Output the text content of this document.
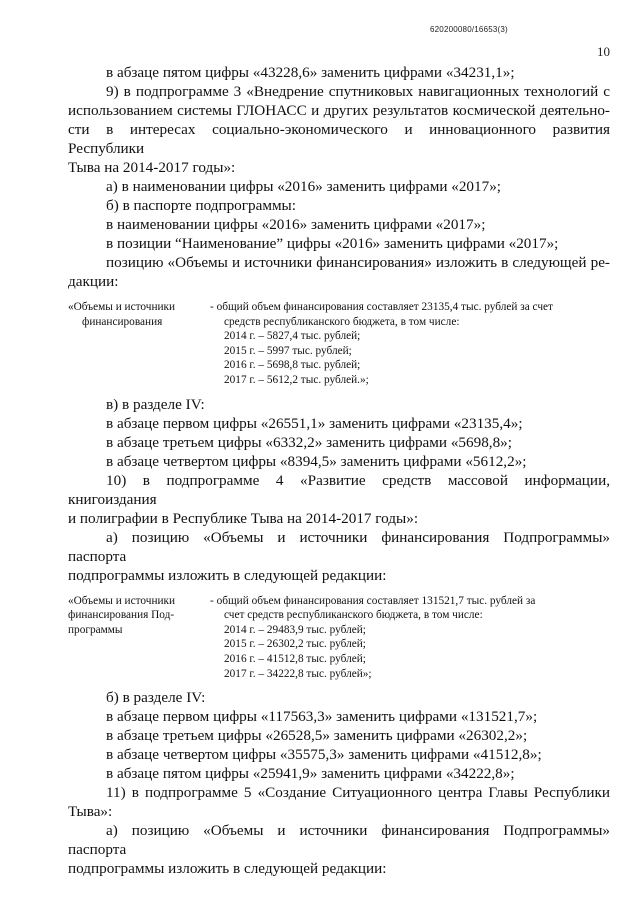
620200080/16653(3)
10

в абзаце пятом цифры «43228,6» заменить цифрами «34231,1»;

9) в подпрограмме 3 «Внедрение спутниковых навигационных технологий с

использованием системы ГЛОНАСС и других результатов космической деятельно-

сти в интересах социально-экономического и инновационного развития Республики

Тыва на 2014-2017 годы»:

а) в наименовании цифры «2016» заменить цифрами «2017»;

б) в паспорте подпрограммы:

в наименовании цифры «2016» заменить цифрами «2017»;

в позиции “Наименование” цифры «2016» заменить цифрами «2017»;

позицию «Объемы и источники финансирования» изложить в следующей ре-

дакции:

«Объемы и источники
финансирования
- общий объем финансирования составляет 23135,4 тыс. рублей за счет
средств республиканского бюджета, в том числе:
2014 г. – 5827,4 тыс. рублей;
2015 г. – 5997 тыс. рублей;
2016 г. – 5698,8 тыс. рублей;
2017 г. – 5612,2 тыс. рублей.»;

в) в разделе IV:

в абзаце первом цифры «26551,1» заменить цифрами «23135,4»;

в абзаце третьем цифры «6332,2» заменить цифрами «5698,8»;

в абзаце четвертом цифры «8394,5» заменить цифрами «5612,2»;

10) в подпрограмме 4 «Развитие средств массовой информации, книгоиздания

и полиграфии в Республике Тыва на 2014-2017 годы»:

а) позицию «Объемы и источники финансирования Подпрограммы» паспорта

подпрограммы изложить в следующей редакции:

«Объемы и источники
финансирования Под-
программы
- общий объем финансирования составляет 131521,7 тыс. рублей за
счет средств республиканского бюджета, в том числе:
2014 г. – 29483,9 тыс. рублей;
2015 г. – 26302,2 тыс. рублей;
2016 г. – 41512,8 тыс. рублей;
2017 г. – 34222,8 тыс. рублей»;

б) в разделе IV:

в абзаце первом цифры «117563,3» заменить цифрами «131521,7»;

в абзаце третьем цифры «26528,5» заменить цифрами «26302,2»;

в абзаце четвертом цифры «35575,3» заменить цифрами «41512,8»;

в абзаце пятом цифры «25941,9» заменить цифрами «34222,8»;

11) в подпрограмме 5 «Создание Ситуационного центра Главы Республики

Тыва»:

а) позицию «Объемы и источники финансирования Подпрограммы» паспорта

подпрограммы изложить в следующей редакции:
